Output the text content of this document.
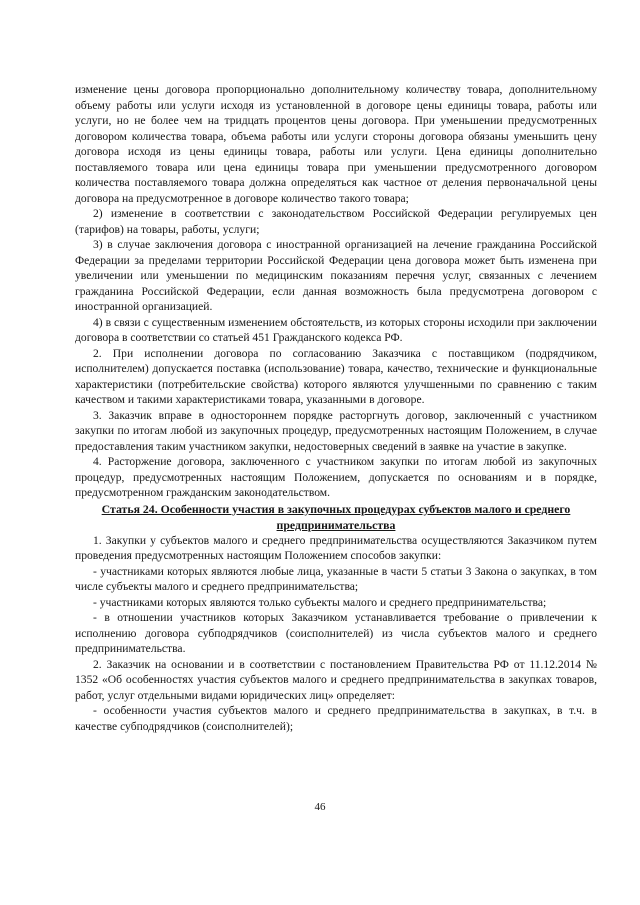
изменение цены договора пропорционально дополнительному количеству товара, дополнительному объему работы или услуги исходя из установленной в договоре цены единицы товара, работы или услуги, но не более чем на тридцать процентов цены договора. При уменьшении предусмотренных договором количества товара, объема работы или услуги стороны договора обязаны уменьшить цену договора исходя из цены единицы товара, работы или услуги. Цена единицы дополнительно поставляемого товара или цена единицы товара при уменьшении предусмотренного договором количества поставляемого товара должна определяться как частное от деления первоначальной цены договора на предусмотренное в договоре количество такого товара;

2) изменение в соответствии с законодательством Российской Федерации регулируемых цен (тарифов) на товары, работы, услуги;

3) в случае заключения договора с иностранной организацией на лечение гражданина Российской Федерации за пределами территории Российской Федерации цена договора может быть изменена при увеличении или уменьшении по медицинским показаниям перечня услуг, связанных с лечением гражданина Российской Федерации, если данная возможность была предусмотрена договором с иностранной организацией.

4) в связи с существенным изменением обстоятельств, из которых стороны исходили при заключении договора в соответствии со статьей 451 Гражданского кодекса РФ.

2. При исполнении договора по согласованию Заказчика с поставщиком (подрядчиком, исполнителем) допускается поставка (использование) товара, качество, технические и функциональные характеристики (потребительские свойства) которого являются улучшенными по сравнению с таким качеством и такими характеристиками товара, указанными в договоре.

3. Заказчик вправе в одностороннем порядке расторгнуть договор, заключенный с участником закупки по итогам любой из закупочных процедур, предусмотренных настоящим Положением, в случае предоставления таким участником закупки, недостоверных сведений в заявке на участие в закупке.

4. Расторжение договора, заключенного с участником закупки по итогам любой из закупочных процедур, предусмотренных настоящим Положением, допускается по основаниям и в порядке, предусмотренном гражданским законодательством.

Статья 24. Особенности участия в закупочных процедурах субъектов малого и среднего предпринимательства

1. Закупки у субъектов малого и среднего предпринимательства осуществляются Заказчиком путем проведения предусмотренных настоящим Положением способов закупки:

- участниками которых являются любые лица, указанные в части 5 статьи 3 Закона о закупках, в том числе субъекты малого и среднего предпринимательства;

- участниками которых являются только субъекты малого и среднего предпринимательства;

- в отношении участников которых Заказчиком устанавливается требование о привлечении к исполнению договора субподрядчиков (соисполнителей) из числа субъектов малого и среднего предпринимательства.

2. Заказчик на основании и в соответствии с постановлением Правительства РФ от 11.12.2014 № 1352 «Об особенностях участия субъектов малого и среднего предпринимательства в закупках товаров, работ, услуг отдельными видами юридических лиц» определяет:

- особенности участия субъектов малого и среднего предпринимательства в закупках, в т.ч. в качестве субподрядчиков (соисполнителей);

46
